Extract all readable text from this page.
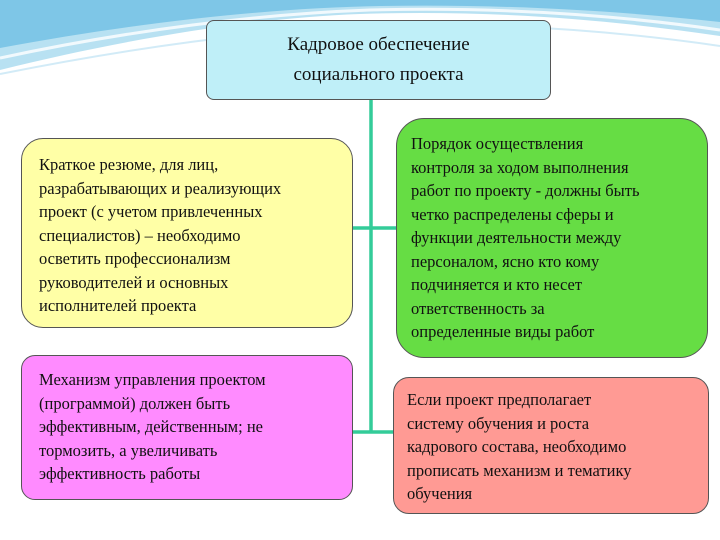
Кадровое обеспечение
социального проекта
Краткое резюме, для лиц,
разрабатывающих и реализующих
проект (с учетом привлеченных
специалистов) – необходимо
осветить профессионализм
руководителей и основных
исполнителей проекта
Порядок осуществления
контроля за ходом выполнения
работ по проекту - должны быть
четко распределены сферы и
функции деятельности между
персоналом, ясно кто кому
подчиняется и кто несет
ответственность за
определенные виды работ
Механизм управления проектом
(программой) должен быть
эффективным, действенным; не
тормозить, а увеличивать
эффективность работы
Если проект предполагает
систему обучения и роста
кадрового состава, необходимо
прописать механизм и тематику
обучения
